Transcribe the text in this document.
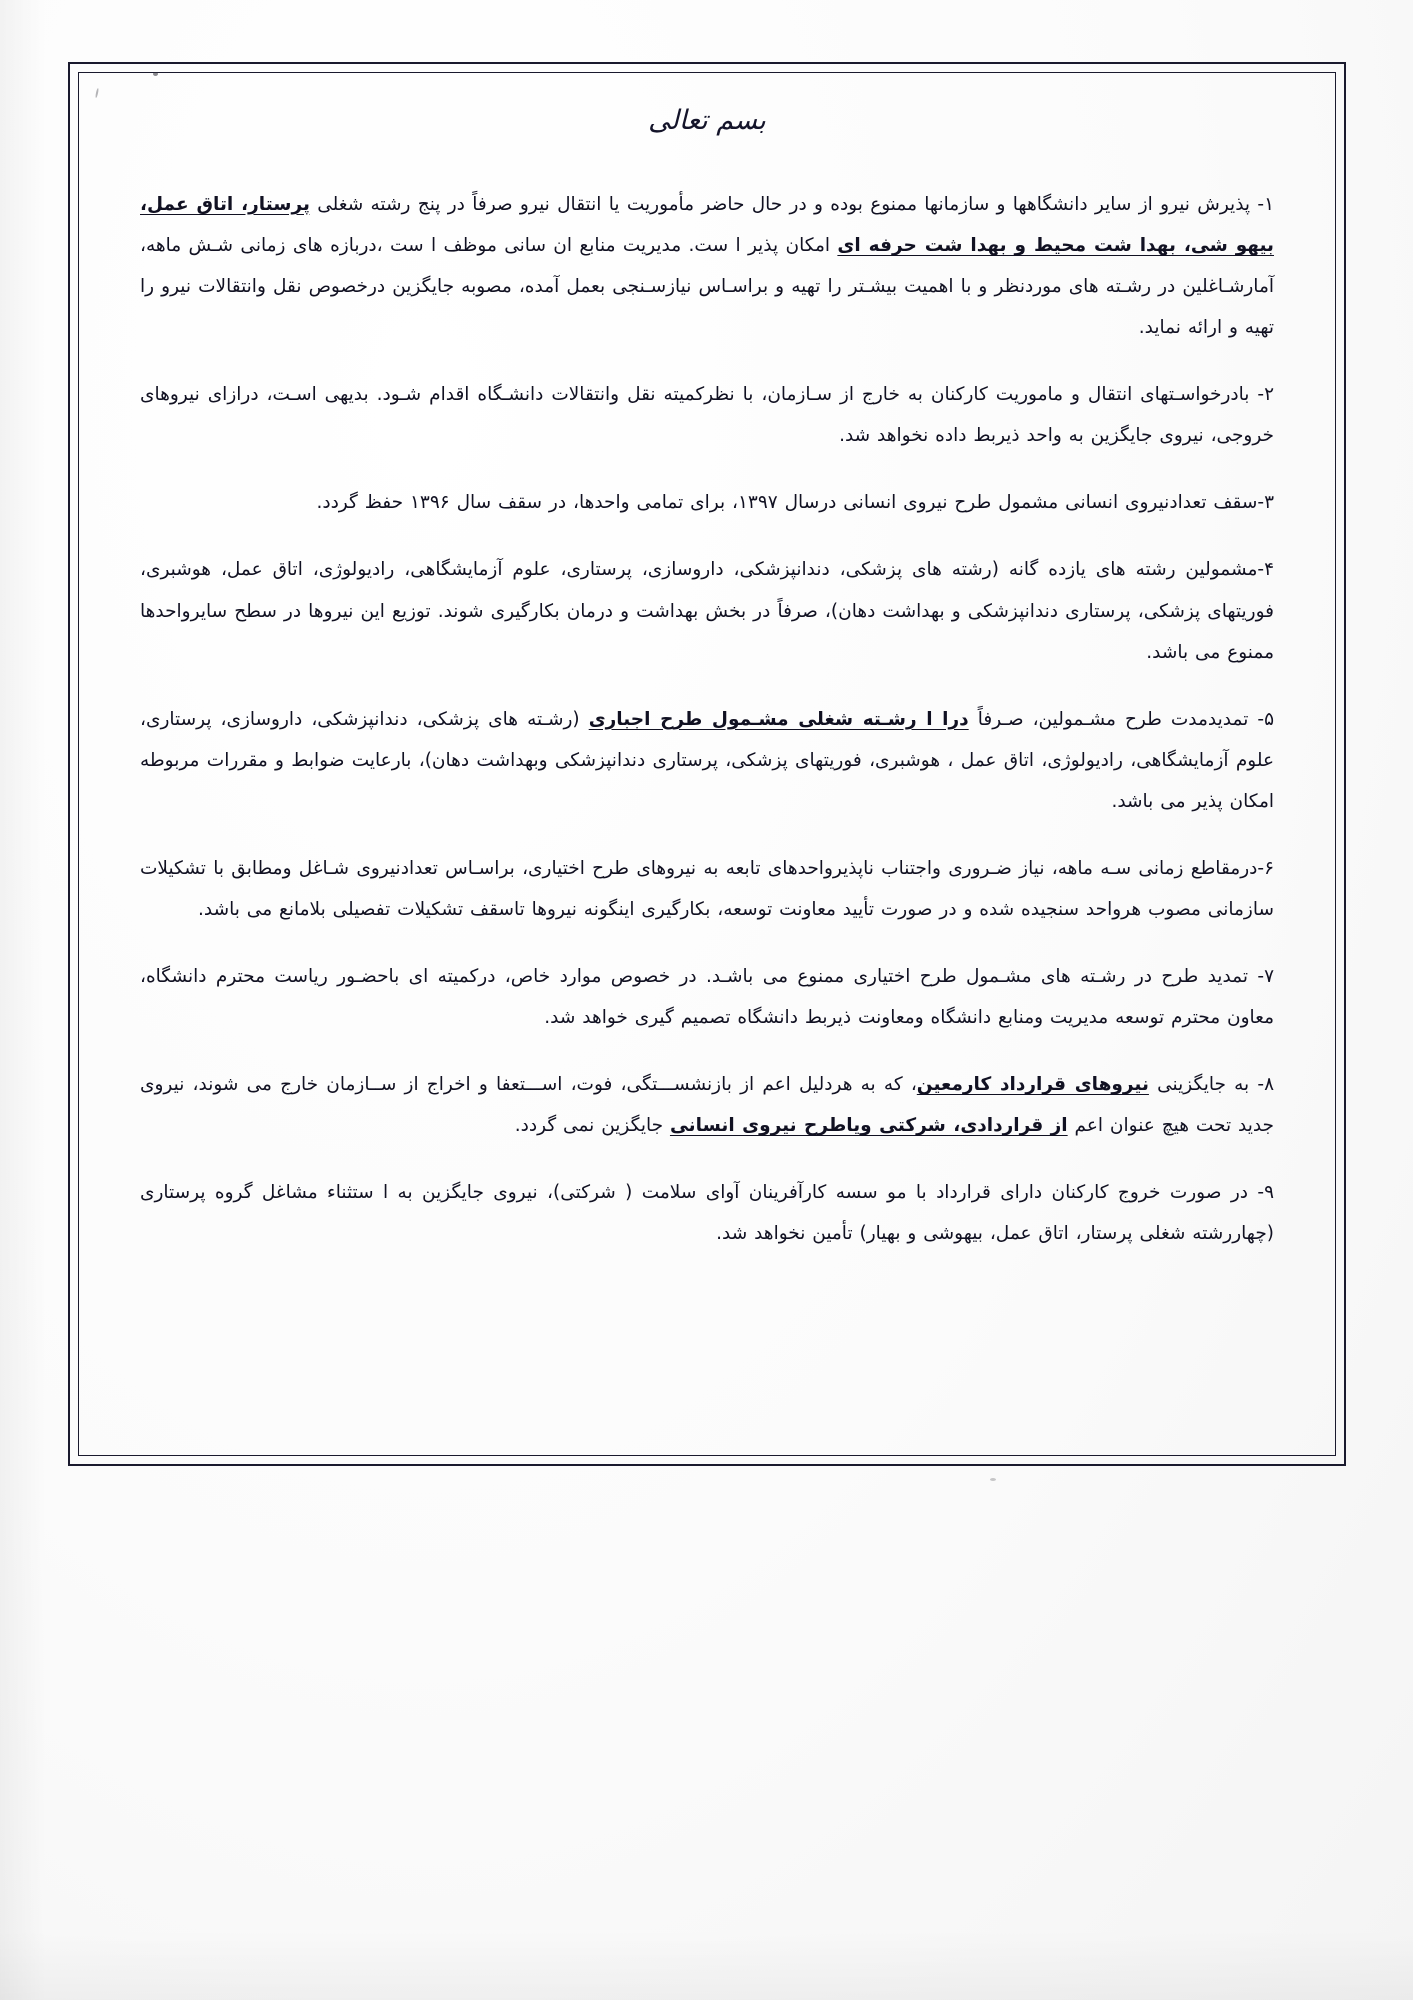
بسم تعالی
۱- پذیرش نیرو از سایر دانشگاهها و سازمانها ممنوع بوده و در حال حاضر مأموریت یا انتقال نیرو صرفاً در پنج رشته شغلی پرستار، اتاق عمل، بیهو شی، بهدا شت محیط و بهدا شت حرفه ای امکان پذیر ا ست. مدیریت منابع ان سانی موظف ا ست ،دربازه های زمانی شـش ماهه، آمارشـاغلین در رشـته های موردنظر و با اهمیت بیشـتر را تهیه و براسـاس نیازسـنجی بعمل آمده، مصوبه جایگزین درخصوص نقل وانتقالات نیرو را تهیه و ارائه نماید.
۲- بادرخواسـتهای انتقال و ماموریت کارکنان به خارج از سـازمان، با نظرکمیته نقل وانتقالات دانشـگاه اقدام شـود. بدیهی اسـت، درازای نیروهای خروجی، نیروی جایگزین به واحد ذیربط داده نخواهد شد.
۳-سقف تعدادنیروی انسانی مشمول طرح نیروی انسانی درسال ۱۳۹۷، برای تمامی واحدها، در سقف سال ۱۳۹۶ حفظ گردد.
۴-مشمولین رشته های یازده گانه (رشته های پزشکی، دندانپزشکی، داروسازی، پرستاری، علوم آزمایشگاهی، رادیولوژی، اتاق عمل، هوشبری، فوریتهای پزشکی، پرستاری دندانپزشکی و بهداشت دهان)، صرفاً در بخش بهداشت و درمان بکارگیری شوند. توزیع این نیروها در سطح سایرواحدها ممنوع می باشد.
۵- تمدیدمدت طرح مشـمولین، صـرفاً درا ا رشـته شغلی مشـمول طرح اجباری (رشـته های پزشکی، دندانپزشکی، داروسازی، پرستاری، علوم آزمایشگاهی، رادیولوژی، اتاق عمل ، هوشبری، فوریتهای پزشکی، پرستاری دندانپزشکی وبهداشت دهان)، بارعایت ضوابط و مقررات مربوطه امکان پذیر می باشد.
۶-درمقاطع زمانی سـه ماهه، نیاز ضـروری واجتناب ناپذیرواحدهای تابعه به نیروهای طرح اختیاری، براسـاس تعدادنیروی شـاغل ومطابق با تشکیلات سازمانی مصوب هرواحد سنجیده شده و در صورت تأیید معاونت توسعه، بکارگیری اینگونه نیروها تاسقف تشکیلات تفصیلی بلامانع می باشد.
۷- تمدید طرح در رشـته های مشـمول طرح اختیاری ممنوع می باشـد. در خصوص موارد خاص، درکمیته ای باحضـور ریاست محترم دانشگاه، معاون محترم توسعه مدیریت ومنابع دانشگاه ومعاونت ذیربط دانشگاه تصمیم گیری خواهد شد.
۸- به جایگزینی نیروهای قرارداد کارمعین، که به هردلیل اعم از بازنشســـتگی، فوت، اســـتعفا و اخراج از ســازمان خارج می شوند، نیروی جدید تحت هیچ عنوان اعم از قراردادی، شرکتی ویاطرح نیروی انسانی جایگزین نمی گردد.
۹- در صورت خروج کارکنان دارای قرارداد با مو سسه کارآفرینان آوای سلامت ( شرکتی)، نیروی جایگزین به ا ستثناء مشاغل گروه پرستاری (چهاررشته شغلی پرستار، اتاق عمل، بیهوشی و بهیار) تأمین نخواهد شد.
